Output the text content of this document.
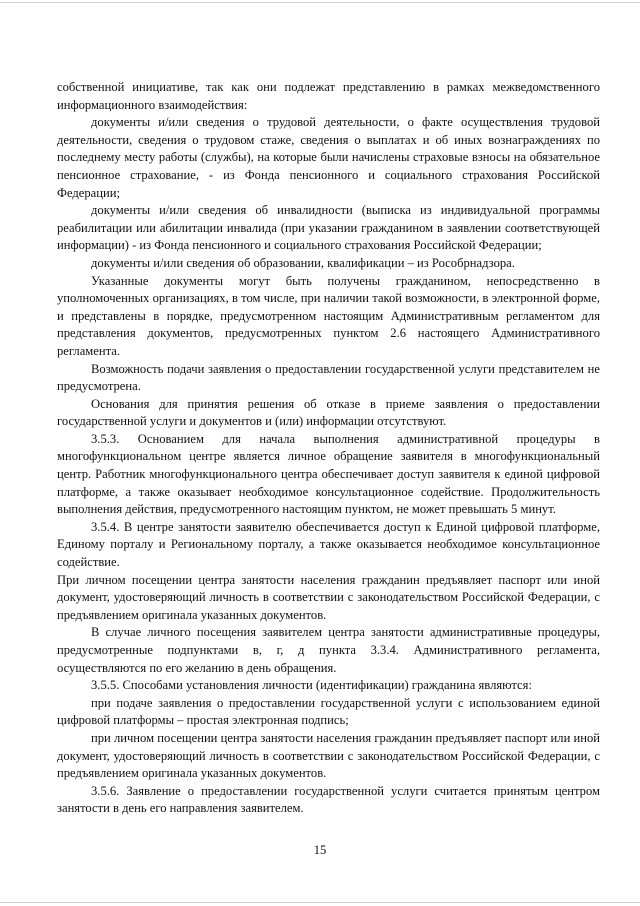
собственной инициативе, так как они подлежат представлению в рамках межведомственного информационного взаимодействия:

документы и/или сведения о трудовой деятельности, о факте осуществления трудовой деятельности, сведения о трудовом стаже, сведения о выплатах и об иных вознаграждениях по последнему месту работы (службы), на которые были начислены страховые взносы на обязательное пенсионное страхование, - из Фонда пенсионного и социального страхования Российской Федерации;

документы и/или сведения об инвалидности (выписка из индивидуальной программы реабилитации или абилитации инвалида (при указании гражданином в заявлении соответствующей информации) - из Фонда пенсионного и социального страхования Российской Федерации;

документы и/или сведения об образовании, квалификации – из Рособрнадзора.

Указанные документы могут быть получены гражданином, непосредственно в уполномоченных организациях, в том числе, при наличии такой возможности, в электронной форме, и представлены в порядке, предусмотренном настоящим Административным регламентом для представления документов, предусмотренных пунктом 2.6 настоящего Административного регламента.

Возможность подачи заявления о предоставлении государственной услуги представителем не предусмотрена.

Основания для принятия решения об отказе в приеме заявления о предоставлении государственной услуги и документов и (или) информации отсутствуют.

3.5.3. Основанием для начала выполнения административной процедуры в многофункциональном центре является личное обращение заявителя в многофункциональный центр. Работник многофункционального центра обеспечивает доступ заявителя к единой цифровой платформе, а также оказывает необходимое консультационное содействие. Продолжительность выполнения действия, предусмотренного настоящим пунктом, не может превышать 5 минут.

3.5.4. В центре занятости заявителю обеспечивается доступ к Единой цифровой платформе, Единому порталу и Региональному порталу, а также оказывается необходимое консультационное содействие.

При личном посещении центра занятости населения гражданин предъявляет паспорт или иной документ, удостоверяющий личность в соответствии с законодательством Российской Федерации, с предъявлением оригинала указанных документов.

В случае личного посещения заявителем центра занятости административные процедуры, предусмотренные подпунктами в, г, д пункта 3.3.4. Административного регламента, осуществляются по его желанию в день обращения.

3.5.5. Способами установления личности (идентификации) гражданина являются:

при подаче заявления о предоставлении государственной услуги с использованием единой цифровой платформы – простая электронная подпись;

при личном посещении центра занятости населения гражданин предъявляет паспорт или иной документ, удостоверяющий личность в соответствии с законодательством Российской Федерации, с предъявлением оригинала указанных документов.

3.5.6. Заявление о предоставлении государственной услуги считается принятым центром занятости в день его направления заявителем.

15
